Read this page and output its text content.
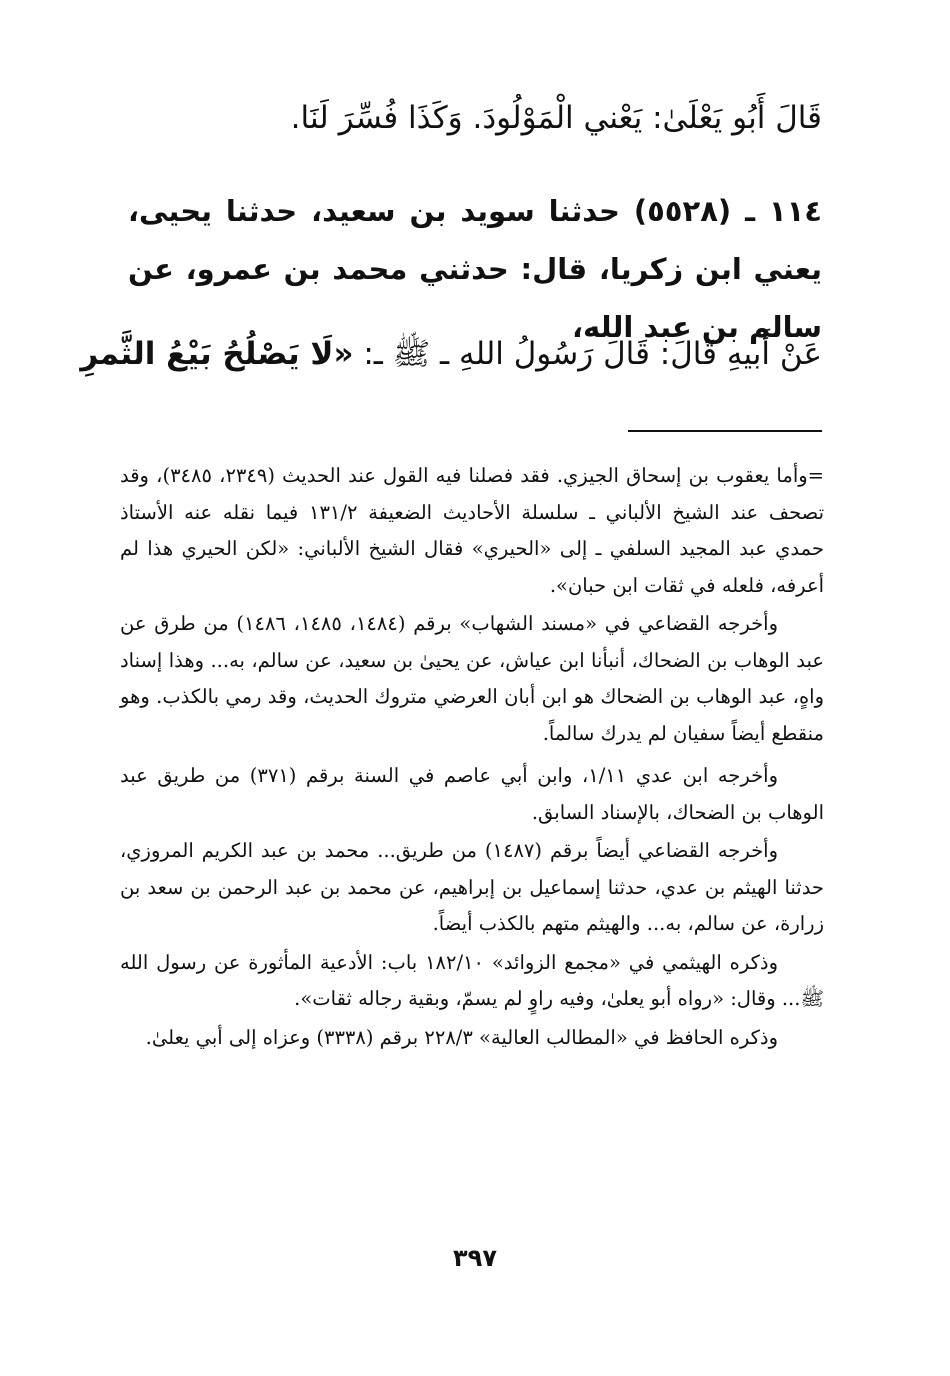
قَالَ أَبُو يَعْلَىٰ: يَعْني الْمَوْلُودَ. وَكَذَا فُسِّرَ لَنَا.

١١٤ ـ (٥٥٢٨) حدثنا سويد بن سعيد، حدثنا يحيى، يعني ابن زكريا، قال: حدثني محمد بن عمرو، عن سالم بن عبد الله،

عَنْ أَبيهِ قَالَ: قَالَ رَسُولُ اللهِ ـ ﷺ ـ: «لَا يَصْلُحُ بَيْعُ الثَّمرِ

=وأما يعقوب بن إسحاق الجيزي. فقد فصلنا فيه القول عند الحديث (٢٣٤٩، ٣٤٨٥)، وقد تصحف عند الشيخ الألباني ـ سلسلة الأحاديث الضعيفة ١٣١/٢ فيما نقله عنه الأستاذ حمدي عبد المجيد السلفي ـ إلى «الحيري» فقال الشيخ الألباني: «لكن الحيري هذا لم أعرفه، فلعله في ثقات ابن حبان».

وأخرجه القضاعي في «مسند الشهاب» برقم (١٤٨٤، ١٤٨٥، ١٤٨٦) من طرق عن عبد الوهاب بن الضحاك، أنبأنا ابن عياش، عن يحيىٰ بن سعيد، عن سالم، به... وهذا إسناد واهٍ، عبد الوهاب بن الضحاك هو ابن أبان العرضي متروك الحديث، وقد رمي بالكذب. وهو منقطع أيضاً سفيان لم يدرك سالماً.

وأخرجه ابن عدي ١/١١، وابن أبي عاصم في السنة برقم (٣٧١) من طريق عبد الوهاب بن الضحاك، بالإسناد السابق.

وأخرجه القضاعي أيضاً برقم (١٤٨٧) من طريق... محمد بن عبد الكريم المروزي، حدثنا الهيثم بن عدي، حدثنا إسماعيل بن إبراهيم، عن محمد بن عبد الرحمن بن سعد بن زرارة، عن سالم، به... والهيثم متهم بالكذب أيضاً.

وذكره الهيثمي في «مجمع الزوائد» ١٨٢/١٠ باب: الأدعية المأثورة عن رسول الله ﷺ... وقال: «رواه أبو يعلىٰ، وفيه راوٍ لم يسمّ، وبقية رجاله ثقات».

وذكره الحافظ في «المطالب العالية» ٢٢٨/٣ برقم (٣٣٣٨) وعزاه إلى أبي يعلىٰ.

٣٩٧
